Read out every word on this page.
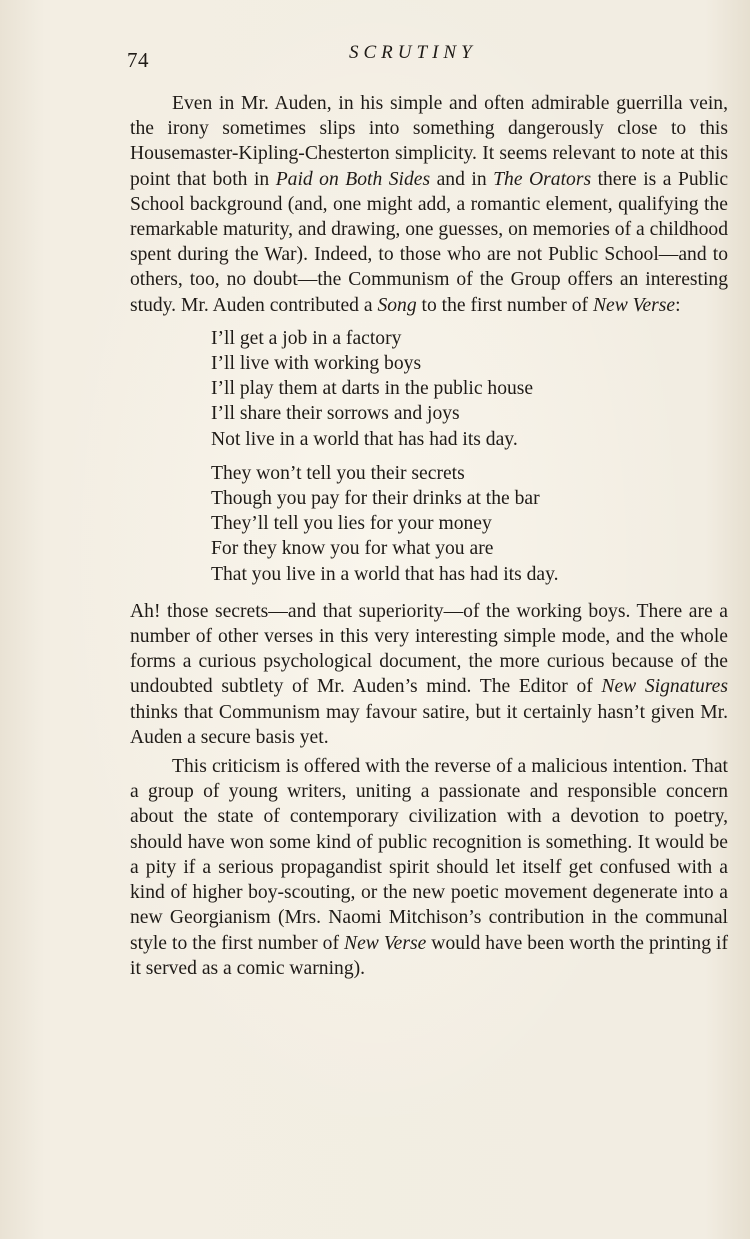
74	SCRUTINY

Even in Mr. Auden, in his simple and often admirable guerrilla vein, the irony sometimes slips into something dangerously close to this Housemaster-Kipling-Chesterton simplicity. It seems relevant to note at this point that both in Paid on Both Sides and in The Orators there is a Public School background (and, one might add, a romantic element, qualifying the remarkable maturity, and drawing, one guesses, on memories of a childhood spent during the War). Indeed, to those who are not Public School—and to others, too, no doubt—the Communism of the Group offers an interesting study. Mr. Auden contributed a Song to the first number of New Verse:

I’ll get a job in a factory
I’ll live with working boys
I’ll play them at darts in the public house
I’ll share their sorrows and joys
Not live in a world that has had its day.
They won’t tell you their secrets
Though you pay for their drinks at the bar
They’ll tell you lies for your money
For they know you for what you are
That you live in a world that has had its day.

Ah! those secrets—and that superiority—of the working boys. There are a number of other verses in this very interesting simple mode, and the whole forms a curious psychological document, the more curious because of the undoubted subtlety of Mr. Auden’s mind. The Editor of New Signatures thinks that Communism may favour satire, but it certainly hasn’t given Mr. Auden a secure basis yet.

This criticism is offered with the reverse of a malicious intention. That a group of young writers, uniting a passionate and responsible concern about the state of contemporary civilization with a devotion to poetry, should have won some kind of public recognition is something. It would be a pity if a serious propagandist spirit should let itself get confused with a kind of higher boy-scouting, or the new poetic movement degenerate into a new Georgianism (Mrs. Naomi Mitchison’s contribution in the communal style to the first number of New Verse would have been worth the printing if it served as a comic warning).
